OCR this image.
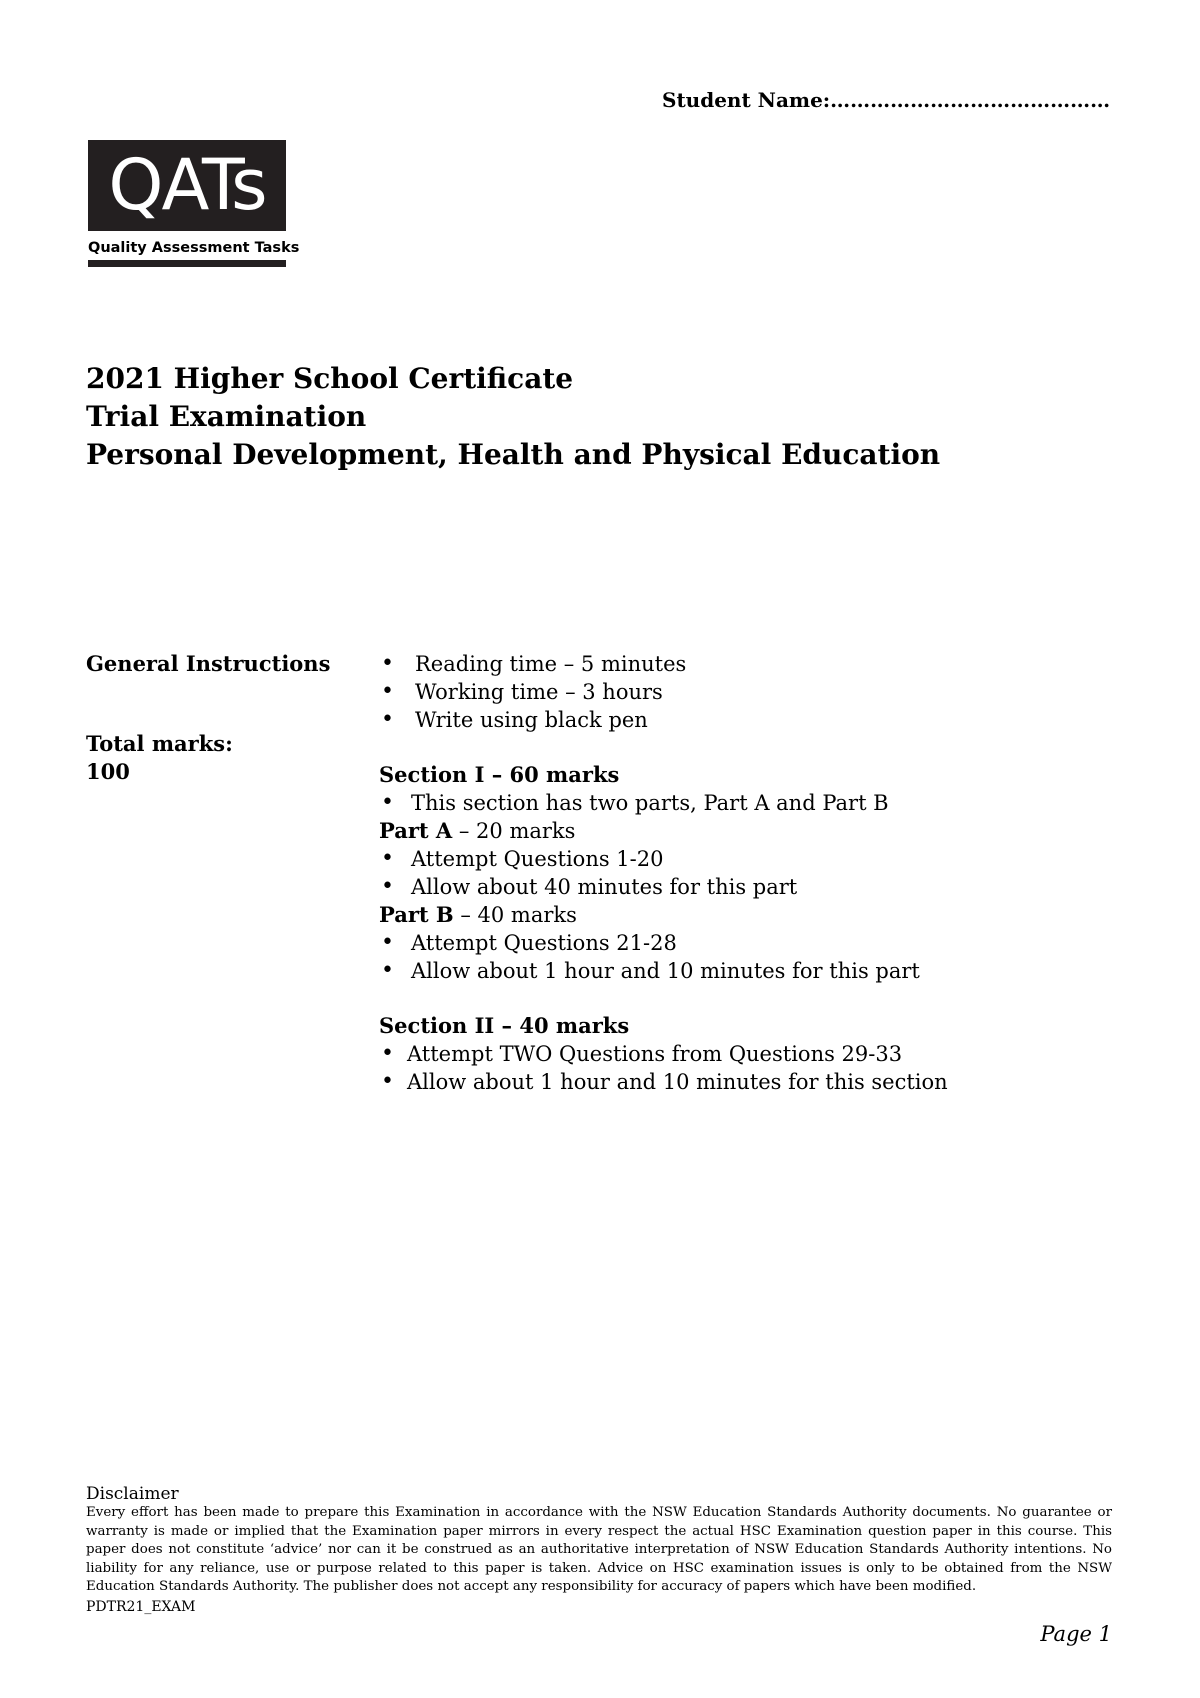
Student Name:……………………………………
QATs
Quality Assessment Tasks
2021 Higher School Certificate
Trial Examination
Personal Development, Health and Physical Education
General Instructions
Total marks:
100
• Reading time – 5 minutes
• Working time – 3 hours
• Write using black pen
Section I – 60 marks
• This section has two parts, Part A and Part B
Part A – 20 marks
• Attempt Questions 1-20
• Allow about 40 minutes for this part
Part B – 40 marks
• Attempt Questions 21-28
• Allow about 1 hour and 10 minutes for this part
Section II – 40 marks
• Attempt TWO Questions from Questions 29-33
• Allow about 1 hour and 10 minutes for this section
Disclaimer
Every effort has been made to prepare this Examination in accordance with the NSW Education Standards Authority documents. No guarantee or warranty is made or implied that the Examination paper mirrors in every respect the actual HSC Examination question paper in this course. This paper does not constitute ‘advice’ nor can it be construed as an authoritative interpretation of NSW Education Standards Authority intentions. No liability for any reliance, use or purpose related to this paper is taken. Advice on HSC examination issues is only to be obtained from the NSW Education Standards Authority. The publisher does not accept any responsibility for accuracy of papers which have been modified.
PDTR21_EXAM
Page 1
